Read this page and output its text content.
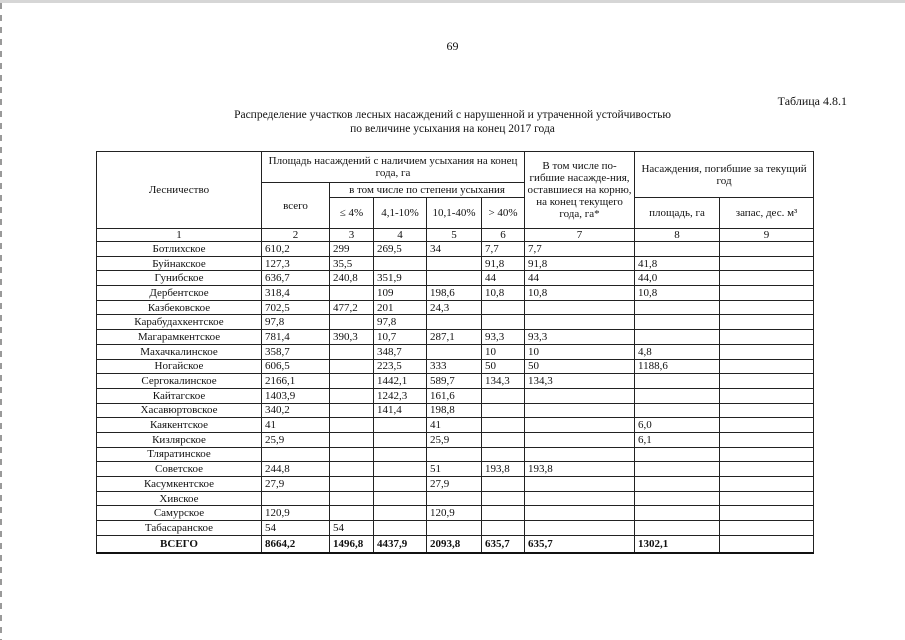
69
Таблица 4.8.1
Распределение участков лесных насаждений с нарушенной и утраченной устойчивостью
по величине усыхания на конец 2017 года
Лесничество	Площадь насаждений с наличием усыхания на конец года, га					В том числе по-гибшие насажде-ния, оставшиеся на корню, на конец текущего года, га*	Насаждения, погибшие за текущий год	
	всего	в том числе по степени усыхания						
		≤ 4%	4,1-10%	10,1-40%	> 40%		площадь, га	запас, дес. м³
1	2	3	4	5	6	7	8	9
Ботлихское	610,2	299	269,5	34	7,7	7,7		
Буйнакское	127,3	35,5			91,8	91,8	41,8	
Гунибское	636,7	240,8	351,9		44	44	44,0	
Дербентское	318,4		109	198,6	10,8	10,8	10,8	
Казбековское	702,5	477,2	201	24,3				
Карабудахкентское	97,8		97,8					
Магарамкентское	781,4	390,3	10,7	287,1	93,3	93,3		
Махачкалинское	358,7		348,7		10	10	4,8	
Ногайское	606,5		223,5	333	50	50	1188,6	
Сергокалинское	2166,1		1442,1	589,7	134,3	134,3		
Кайтагское	1403,9		1242,3	161,6				
Хасавюртовское	340,2		141,4	198,8				
Каякентское	41			41			6,0	
Кизлярское	25,9			25,9			6,1	
Тляратинское								
Советское	244,8			51	193,8	193,8		
Касумкентское	27,9			27,9				
Хивское								
Самурское	120,9			120,9				
Табасаранское	54	54						
ВСЕГО	8664,2	1496,8	4437,9	2093,8	635,7	635,7	1302,1	
